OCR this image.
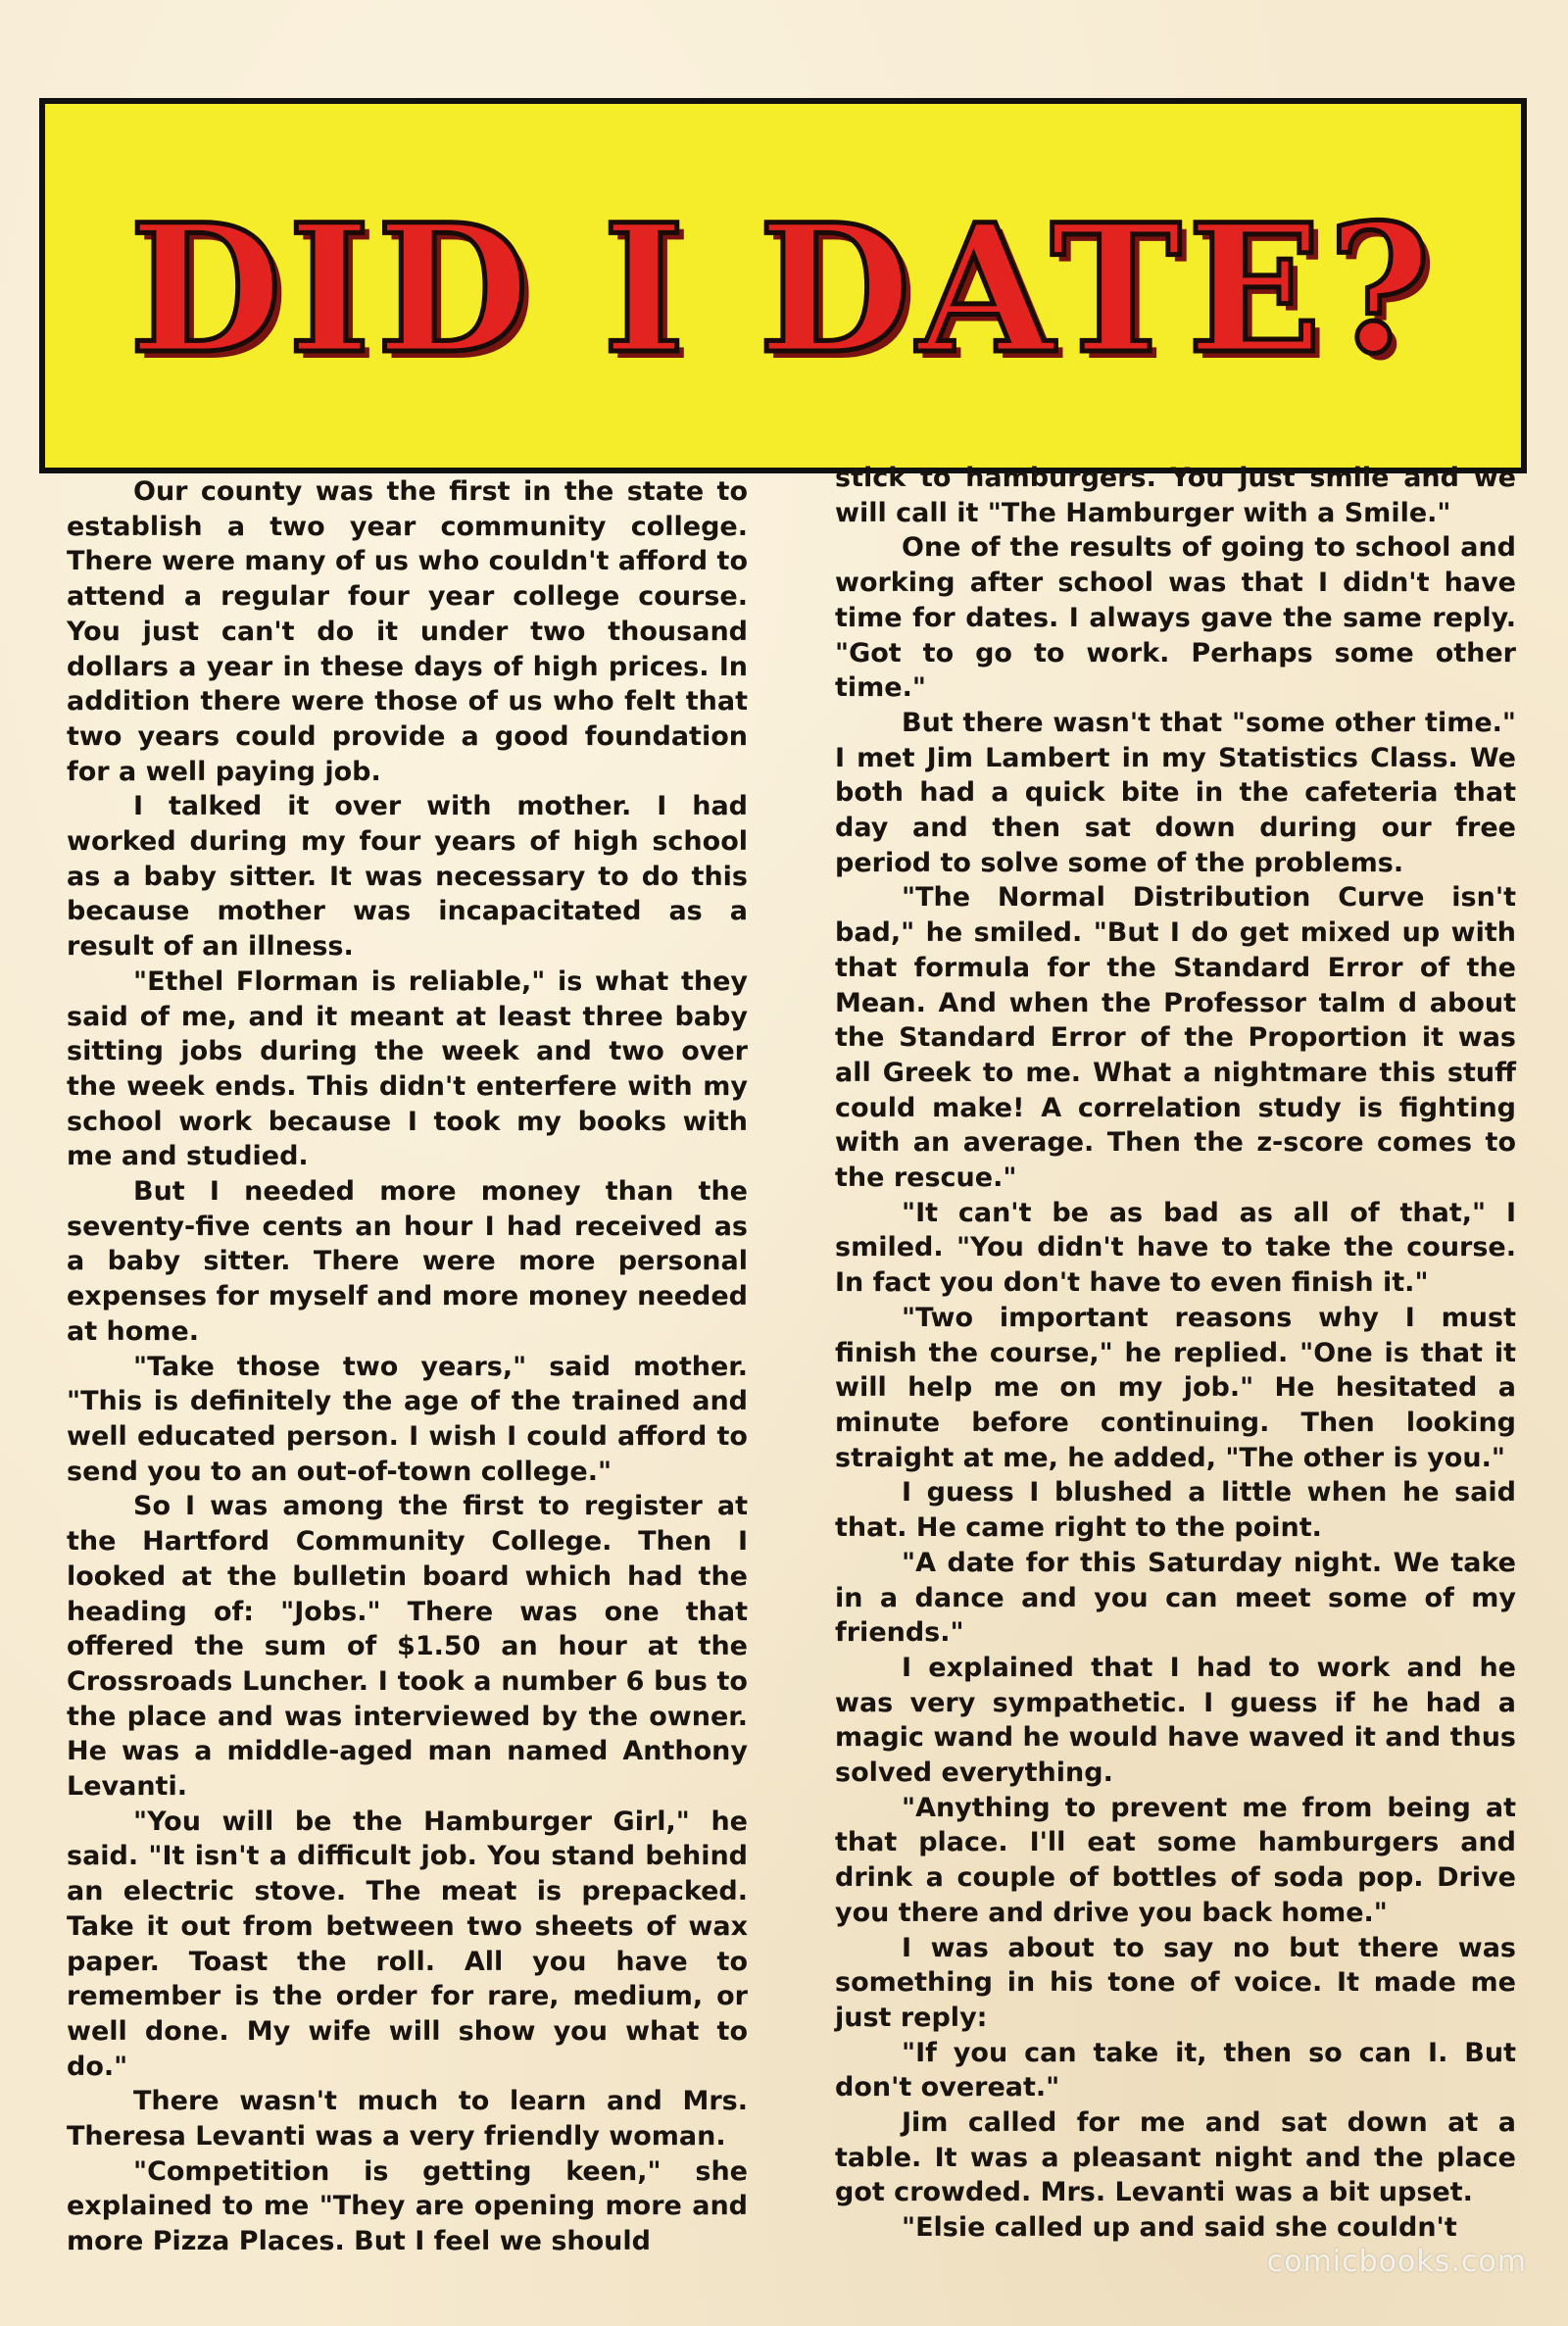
DID I DATE?

Our county was the first in the state to establish a two year community college. There were many of us who couldn't afford to attend a regular four year college course. You just can't do it under two thousand dollars a year in these days of high prices. In addition there were those of us who felt that two years could provide a good foundation for a well paying job.

I talked it over with mother. I had worked during my four years of high school as a baby sitter. It was necessary to do this because mother was incapacitated as a result of an illness.

"Ethel Florman is reliable," is what they said of me, and it meant at least three baby sitting jobs during the week and two over the week ends. This didn't enterfere with my school work because I took my books with me and studied.

But I needed more money than the seventy-five cents an hour I had received as a baby sitter. There were more personal expenses for myself and more money needed at home.

"Take those two years," said mother. "This is definitely the age of the trained and well educated person. I wish I could afford to send you to an out-of-town college."

So I was among the first to register at the Hartford Community College. Then I looked at the bulletin board which had the heading of: "Jobs." There was one that offered the sum of $1.50 an hour at the Crossroads Luncher. I took a number 6 bus to the place and was interviewed by the owner. He was a middle-aged man named Anthony Levanti.

"You will be the Hamburger Girl," he said. "It isn't a difficult job. You stand behind an electric stove. The meat is prepacked. Take it out from between two sheets of wax paper. Toast the roll. All you have to remember is the order for rare, medium, or well done. My wife will show you what to do."

There wasn't much to learn and Mrs. Theresa Levanti was a very friendly woman.

"Competition is getting keen," she explained to me "They are opening more and more Pizza Places. But I feel we should

stick to hamburgers. You just smile and we will call it "The Hamburger with a Smile."

One of the results of going to school and working after school was that I didn't have time for dates. I always gave the same reply. "Got to go to work. Perhaps some other time."

But there wasn't that "some other time." I met Jim Lambert in my Statistics Class. We both had a quick bite in the cafeteria that day and then sat down during our free period to solve some of the problems.

"The Normal Distribution Curve isn't bad," he smiled. "But I do get mixed up with that formula for the Standard Error of the Mean. And when the Professor talm d about the Standard Error of the Proportion it was all Greek to me. What a nightmare this stuff could make! A correlation study is fighting with an average. Then the z-score comes to the rescue."

"It can't be as bad as all of that," I smiled. "You didn't have to take the course. In fact you don't have to even finish it."

"Two important reasons why I must finish the course," he replied. "One is that it will help me on my job." He hesitated a minute before continuing. Then looking straight at me, he added, "The other is you."

I guess I blushed a little when he said that. He came right to the point.

"A date for this Saturday night. We take in a dance and you can meet some of my friends."

I explained that I had to work and he was very sympathetic. I guess if he had a magic wand he would have waved it and thus solved everything.

"Anything to prevent me from being at that place. I'll eat some hamburgers and drink a couple of bottles of soda pop. Drive you there and drive you back home."

I was about to say no but there was something in his tone of voice. It made me just reply:

"If you can take it, then so can I. But don't overeat."

Jim called for me and sat down at a table. It was a pleasant night and the place got crowded. Mrs. Levanti was a bit upset.

"Elsie called up and said she couldn't

comicbooks.com
